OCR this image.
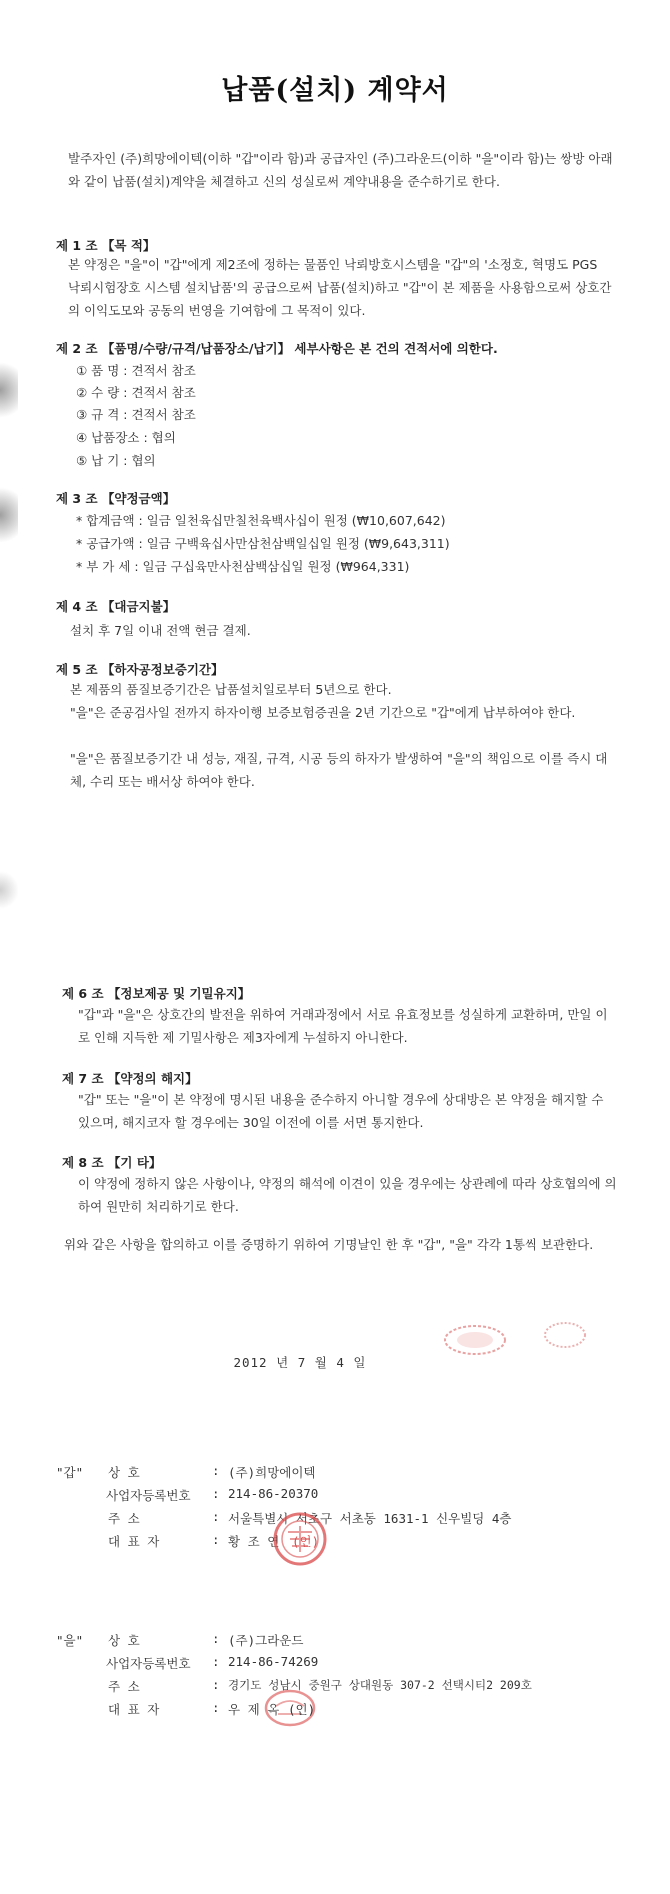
납품(설치) 계약서
발주자인 (주)희망에이텍(이하 "갑"이라 함)과 공급자인 (주)그라운드(이하 "을"이라 함)는 쌍방 아래와 같이 납품(설치)계약을 체결하고 신의 성실로써 계약내용을 준수하기로 한다.
제 1 조 【목 적】
본 약정은 "을"이 "갑"에게 제2조에 정하는 물품인 낙뢰방호시스템을 "갑"의 '소정호, 혁명도 PGS 낙뢰시험장호 시스템 설치납품'의 공급으로써 납품(설치)하고 "갑"이 본 제품을 사용함으로써 상호간의 이익도모와 공동의 번영을 기여함에 그 목적이 있다.
제 2 조 【품명/수량/규격/납품장소/납기】 세부사항은 본 건의 견적서에 의한다.
① 품 명 : 견적서 참조
② 수 량 : 견적서 참조
③ 규 격 : 견적서 참조
④ 납품장소 : 협의
⑤ 납 기 : 협의
제 3 조 【약정금액】
* 합계금액 : 일금 일천육십만칠천육백사십이 원정 (₩10,607,642)
* 공급가액 : 일금 구백육십사만삼천삼백일십일 원정 (₩9,643,311)
* 부 가 세 : 일금 구십육만사천삼백삼십일 원정 (₩964,331)
제 4 조 【대금지불】
설치 후 7일 이내 전액 현금 결제.
제 5 조 【하자공정보증기간】
본 제품의 품질보증기간은 납품설치일로부터 5년으로 한다.
"을"은 준공검사일 전까지 하자이행 보증보험증권을 2년 기간으로 "갑"에게 납부하여야 한다.
"을"은 품질보증기간 내 성능, 재질, 규격, 시공 등의 하자가 발생하여 "을"의 책임으로 이를 즉시 대체, 수리 또는 배서상 하여야 한다.
제 6 조 【정보제공 및 기밀유지】
"갑"과 "을"은 상호간의 발전을 위하여 거래과정에서 서로 유효정보를 성실하게 교환하며, 만일 이로 인해 지득한 제 기밀사항은 제3자에게 누설하지 아니한다.
제 7 조 【약정의 해지】
"갑" 또는 "을"이 본 약정에 명시된 내용을 준수하지 아니할 경우에 상대방은 본 약정을 해지할 수 있으며, 해지코자 할 경우에는 30일 이전에 이를 서면 통지한다.
제 8 조 【기 타】
이 약정에 정하지 않은 사항이나, 약정의 해석에 이견이 있을 경우에는 상관례에 따라 상호협의에 의하여 원만히 처리하기로 한다.
위와 같은 사항을 합의하고 이를 증명하기 위하여 기명날인 한 후 "갑", "을" 각각 1통씩 보관한다.
2012 년 7 월 4 일
"갑" 상 호	: (주)희망에이텍
사업자등록번호 : 214-86-20370
주 소	: 서울특별시 서초구 서초동 1631-1 신우빌딩 4층
대 표 자	: 황 조 연 (인)
"을" 상 호	: (주)그라운드
사업자등록번호 : 214-86-74269
주 소	: 경기도 성남시 중원구 상대원동 307-2 선택시티2 209호
대 표 자	: 우 제 옥 (인)
